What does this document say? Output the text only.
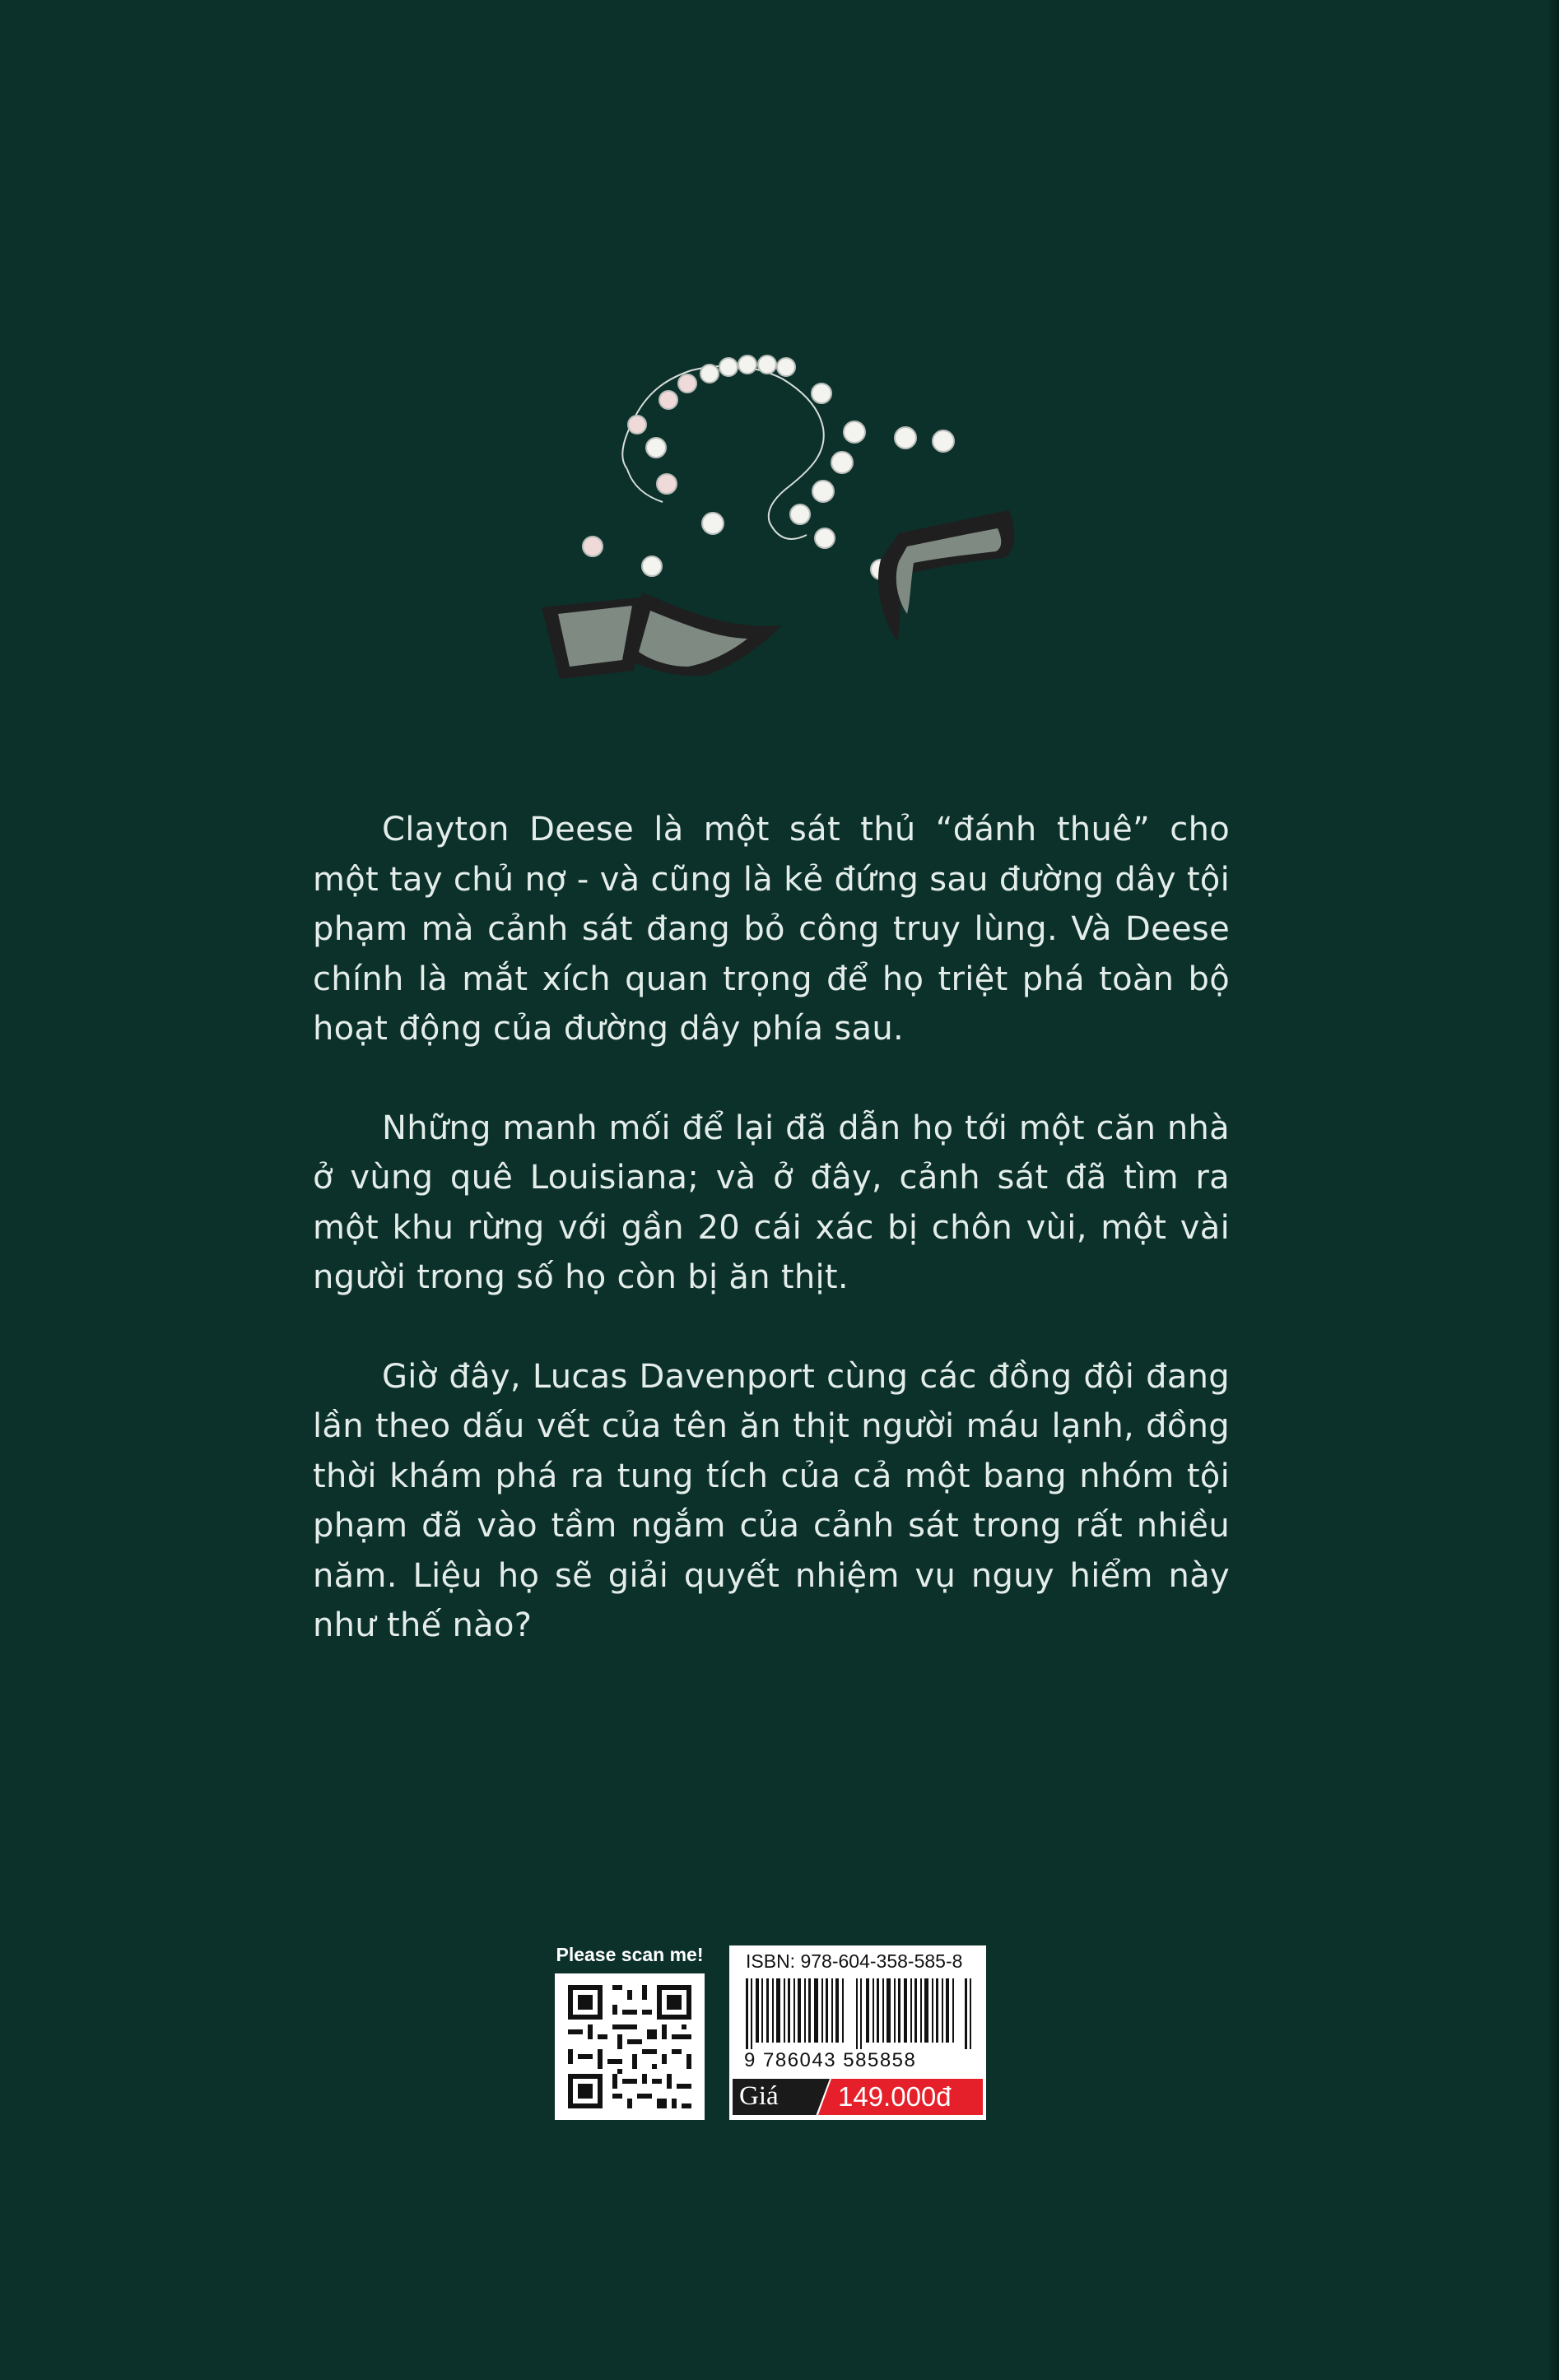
Clayton Deese là một sát thủ “đánh thuê” cho một tay chủ nợ - và cũng là kẻ đứng sau đường dây tội phạm mà cảnh sát đang bỏ công truy lùng. Và Deese chính là mắt xích quan trọng để họ triệt phá toàn bộ hoạt động của đường dây phía sau.

Những manh mối để lại đã dẫn họ tới một căn nhà ở vùng quê Louisiana; và ở đây, cảnh sát đã tìm ra một khu rừng với gần 20 cái xác bị chôn vùi, một vài người trong số họ còn bị ăn thịt.

Giờ đây, Lucas Davenport cùng các đồng đội đang lần theo dấu vết của tên ăn thịt người máu lạnh, đồng thời khám phá ra tung tích của cả một bang nhóm tội phạm đã vào tầm ngắm của cảnh sát trong rất nhiều năm. Liệu họ sẽ giải quyết nhiệm vụ nguy hiểm này như thế nào?

Please scan me! ISBN: 978-604-358-585-8
9 786043 585858
Giá 149.000đ
